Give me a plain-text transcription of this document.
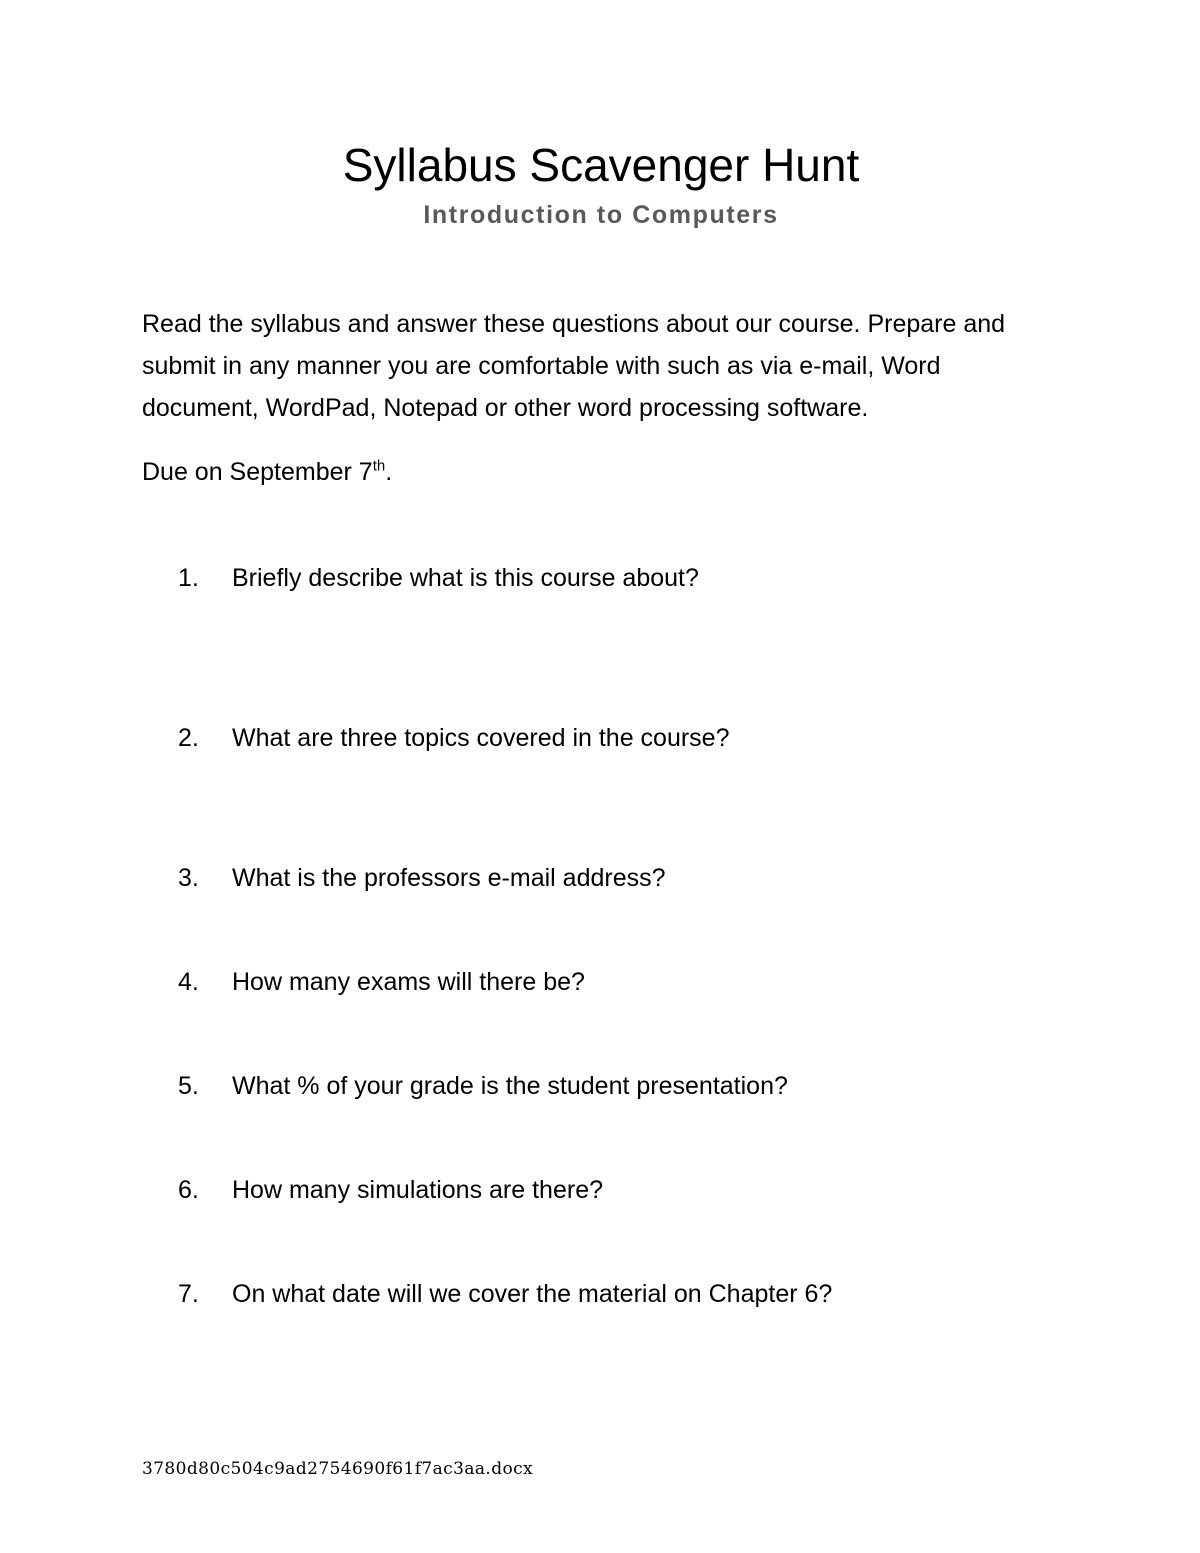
Syllabus Scavenger Hunt
Introduction to Computers

Read the syllabus and answer these questions about our course. Prepare and submit in any manner you are comfortable with such as via e-mail, Word document, WordPad, Notepad or other word processing software.

Due on September 7th.

1.	Briefly describe what is this course about?
2.	What are three topics covered in the course?
3.	What is the professors e-mail address?
4.	How many exams will there be?
5.	What % of your grade is the student presentation?
6.	How many simulations are there?
7.	On what date will we cover the material on Chapter 6?

3780d80c504c9ad2754690f61f7ac3aa.docx
